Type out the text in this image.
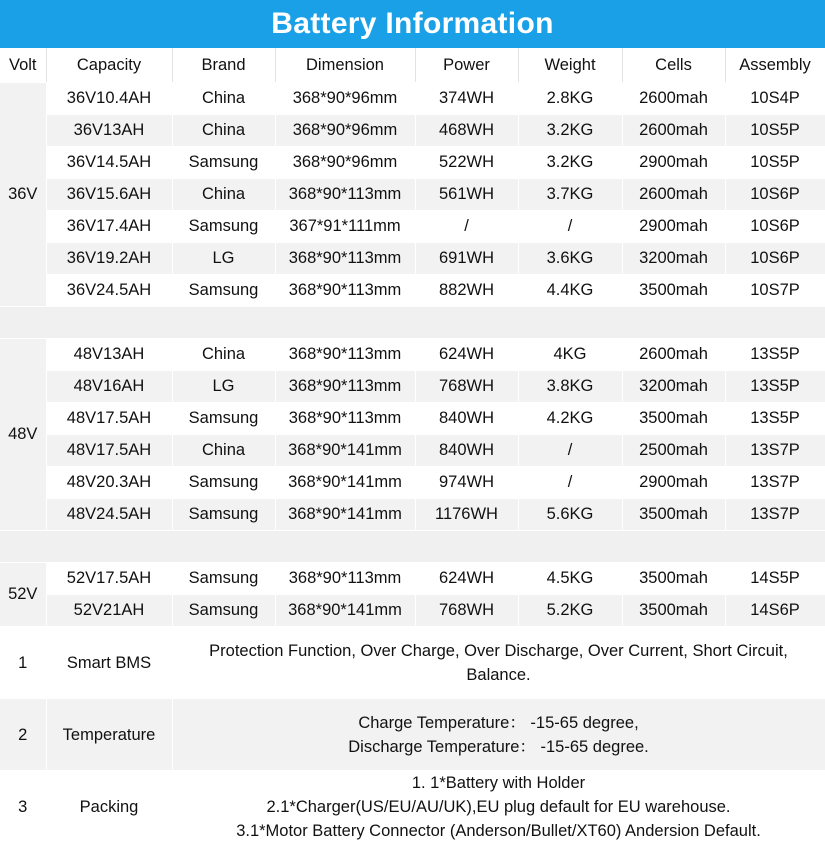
Battery Information
Volt	Capacity	Brand	Dimension	Power	Weight	Cells	Assembly
36V	36V10.4AH	China	368*90*96mm	374WH	2.8KG	2600mah	10S4P
	36V13AH	China	368*90*96mm	468WH	3.2KG	2600mah	10S5P
	36V14.5AH	Samsung	368*90*96mm	522WH	3.2KG	2900mah	10S5P
	36V15.6AH	China	368*90*113mm	561WH	3.7KG	2600mah	10S6P
	36V17.4AH	Samsung	367*91*111mm	/	/	2900mah	10S6P
	36V19.2AH	LG	368*90*113mm	691WH	3.6KG	3200mah	10S6P
	36V24.5AH	Samsung	368*90*113mm	882WH	4.4KG	3500mah	10S7P

48V	48V13AH	China	368*90*113mm	624WH	4KG	2600mah	13S5P
	48V16AH	LG	368*90*113mm	768WH	3.8KG	3200mah	13S5P
	48V17.5AH	Samsung	368*90*113mm	840WH	4.2KG	3500mah	13S5P
	48V17.5AH	China	368*90*141mm	840WH	/	2500mah	13S7P
	48V20.3AH	Samsung	368*90*141mm	974WH	/	2900mah	13S7P
	48V24.5AH	Samsung	368*90*141mm	1176WH	5.6KG	3500mah	13S7P

52V	52V17.5AH	Samsung	368*90*113mm	624WH	4.5KG	3500mah	14S5P
	52V21AH	Samsung	368*90*141mm	768WH	5.2KG	3500mah	14S6P
1	Smart BMS	Protection Function, Over Charge, Over Discharge, Over Current, Short Circuit,
Balance.					

2	Temperature	Charge Temperature： -15-65 degree,
Discharge Temperature： -15-65 degree.					

3	Packing	1. 1*Battery with Holder
2.1*Charger(US/EU/AU/UK),EU plug default for EU warehouse.
3.1*Motor Battery Connector (Anderson/Bullet/XT60) Andersion Default.					
